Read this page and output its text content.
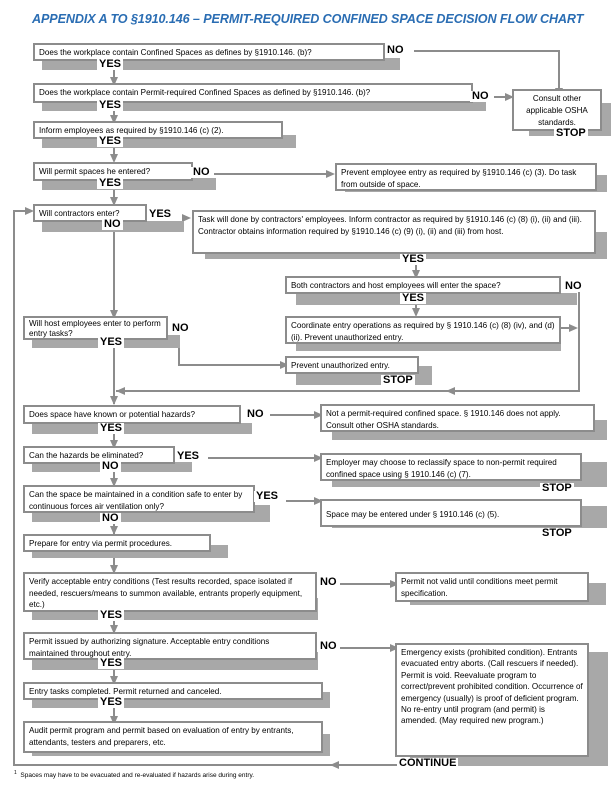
APPENDIX A TO §1910.146 – PERMIT-REQUIRED CONFINED SPACE DECISION FLOW CHART
Does the workplace contain Confined Spaces as defines by §1910.146. (b)?
YES
NO
Does the workplace contain Permit-required Confined Spaces as defined by §1910.146. (b)?
YES
NO	Consult other applicable OSHA standards.
STOP
Inform employees as required by §1910.146 (c) (2).
YES
Will permit spaces he entered?
YES
NO	Prevent employee entry as required by §1910.146 (c) (3). Do task from outside of space.
Will contractors enter?
NO
YES	Task will done by contractors' employees. Inform contractor as required by §1910.146 (c) (8) (i), (ii) and (iii). Contractor obtains information required by §1910.146 (c) (9) (i), (ii) and (iii) from host.
YES
Both contractors and host employees will enter the space?
YES
NO
Will host employees enter to perform entry tasks?
YES
NO	Coordinate entry operations as required by § 1910.146 (c) (8) (iv), and (d) (ii). Prevent unauthorized entry.
Prevent unauthorized entry.
STOP
Does space have known or potential hazards?
YES
NO	Not a permit-required confined space. § 1910.146 does not apply. Consult other OSHA standards.
Can the hazards be eliminated?
NO
YES
Employer may choose to reclassify space to non-permit required confined space using § 1910.146 (c) (7).
STOP
Can the space be maintained in a condition safe to enter by continuous forces air ventilation only?
NO
YES
Space may be entered under § 1910.146 (c) (5).
STOP
Prepare for entry via permit procedures.
Verify acceptable entry conditions (Test results recorded, space isolated if needed, rescuers/means to summon available, entrants properly equipment, etc.)
YES
NO	Permit not valid until conditions meet permit specification.
Permit issued by authorizing signature. Acceptable entry conditions maintained throughout entry.
YES
NO
Emergency exists (prohibited condition). Entrants evacuated entry aborts. (Call rescuers if needed). Permit is void. Reevaluate program to correct/prevent prohibited condition. Occurrence of emergency (usually) is proof of deficient program. No re-entry until program (and permit) is amended. (May required new program.)
CONTINUE
Entry tasks completed. Permit returned and canceled.
YES
Audit permit program and permit based on evaluation of entry by entrants, attendants, testers and preparers, etc.
$^1$ Spaces may have to be evacuated and re-evaluated if hazards arise during entry.
